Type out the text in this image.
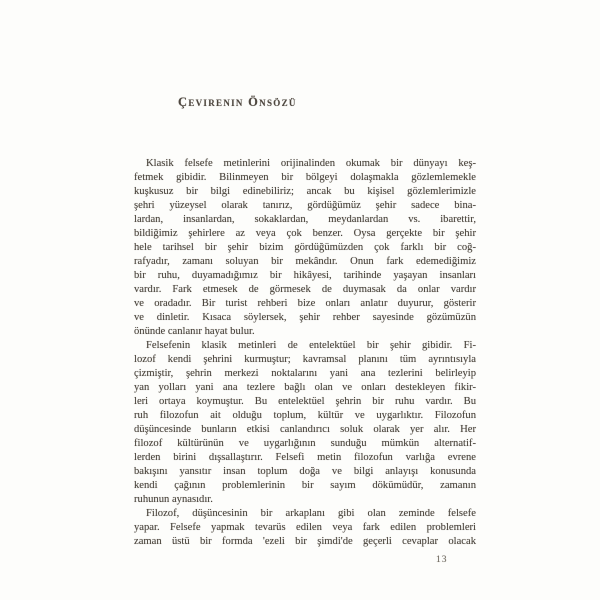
Çevirenin Önsözü
Klasik felsefe metinlerini orijinalinden okumak bir dünyayı keş-
fetmek gibidir. Bilinmeyen bir bölgeyi dolaşmakla gözlemlemekle
kuşkusuz bir bilgi edinebiliriz; ancak bu kişisel gözlemlerimizle
şehri yüzeysel olarak tanırız, gördüğümüz şehir sadece bina-
lardan, insanlardan, sokaklardan, meydanlardan vs. ibarettir,
bildiğimiz şehirlere az veya çok benzer. Oysa gerçekte bir şehir
hele tarihsel bir şehir bizim gördüğümüzden çok farklı bir coğ-
rafyadır, zamanı soluyan bir mekândır. Onun fark edemediğimiz
bir ruhu, duyamadığımız bir hikâyesi, tarihinde yaşayan insanları
vardır. Fark etmesek de görmesek de duymasak da onlar vardır
ve oradadır. Bir turist rehberi bize onları anlatır duyurur, gösterir
ve dinletir. Kısaca söylersek, şehir rehber sayesinde gözümüzün
önünde canlanır hayat bulur.
Felsefenin klasik metinleri de entelektüel bir şehir gibidir. Fi-
lozof kendi şehrini kurmuştur; kavramsal planını tüm ayrıntısıyla
çizmiştir, şehrin merkezi noktalarını yani ana tezlerini belirleyip
yan yolları yani ana tezlere bağlı olan ve onları destekleyen fikir-
leri ortaya koymuştur. Bu entelektüel şehrin bir ruhu vardır. Bu
ruh filozofun ait olduğu toplum, kültür ve uygarlıktır. Filozofun
düşüncesinde bunların etkisi canlandırıcı soluk olarak yer alır. Her
filozof kültürünün ve uygarlığının sunduğu mümkün alternatif-
lerden birini dışsallaştırır. Felsefi metin filozofun varlığa evrene
bakışını yansıtır insan toplum doğa ve bilgi anlayışı konusunda
kendi çağının problemlerinin bir sayım dökümüdür, zamanın
ruhunun aynasıdır.
Filozof, düşüncesinin bir arkaplanı gibi olan zeminde felsefe
yapar. Felsefe yapmak tevarüs edilen veya fark edilen problemleri
zaman üstü bir formda 'ezeli bir şimdi'de geçerli cevaplar olacak
13
